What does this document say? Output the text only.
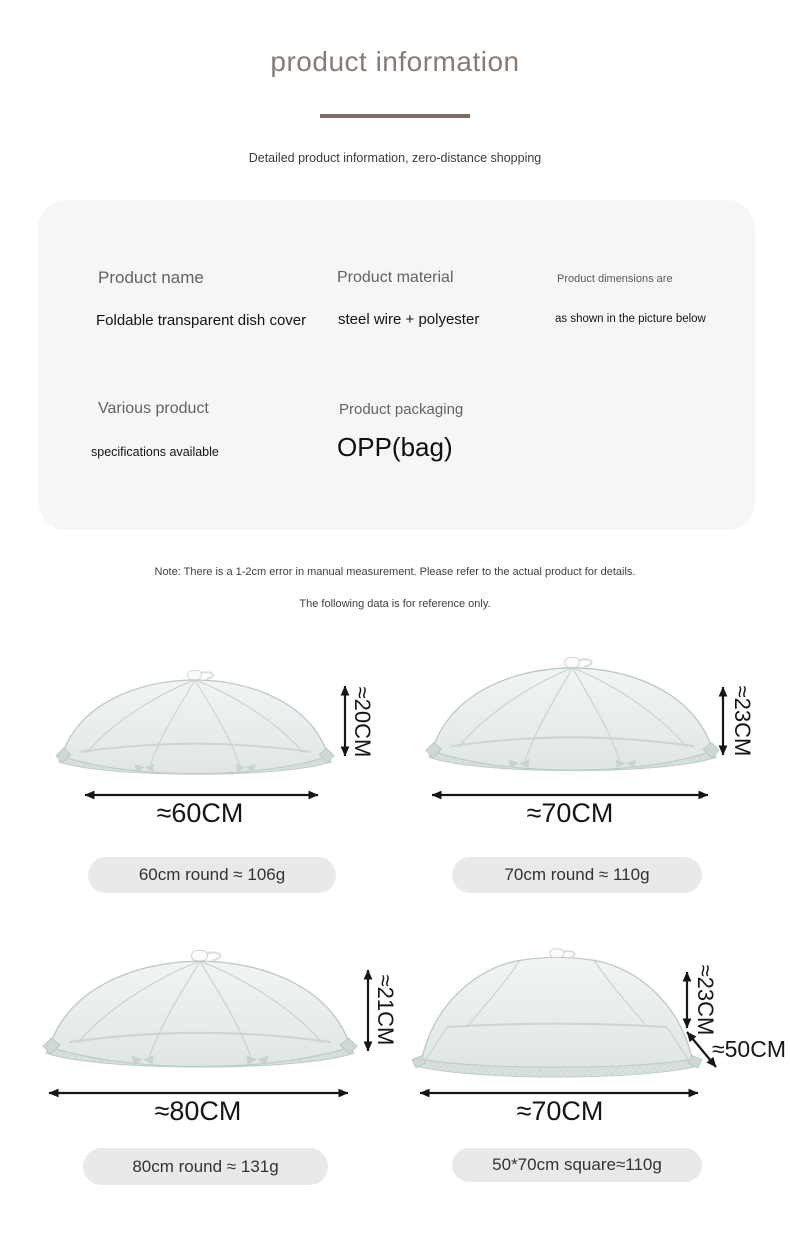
product information
Detailed product information, zero-distance shopping
Product name
Foldable transparent dish cover
Product material
steel wire + polyester
Product dimensions are
as shown in the picture below
Various product
specifications available
Product packaging
OPP(bag)
Note: There is a 1-2cm error in manual measurement. Please refer to the actual product for details.
The following data is for reference only.
≈20CM
≈60CM
60cm round ≈ 106g
≈23CM
≈70CM
70cm round ≈ 110g
≈21CM
≈80CM
80cm round ≈ 131g
≈23CM
≈50CM
≈70CM
50*70cm square≈110g
